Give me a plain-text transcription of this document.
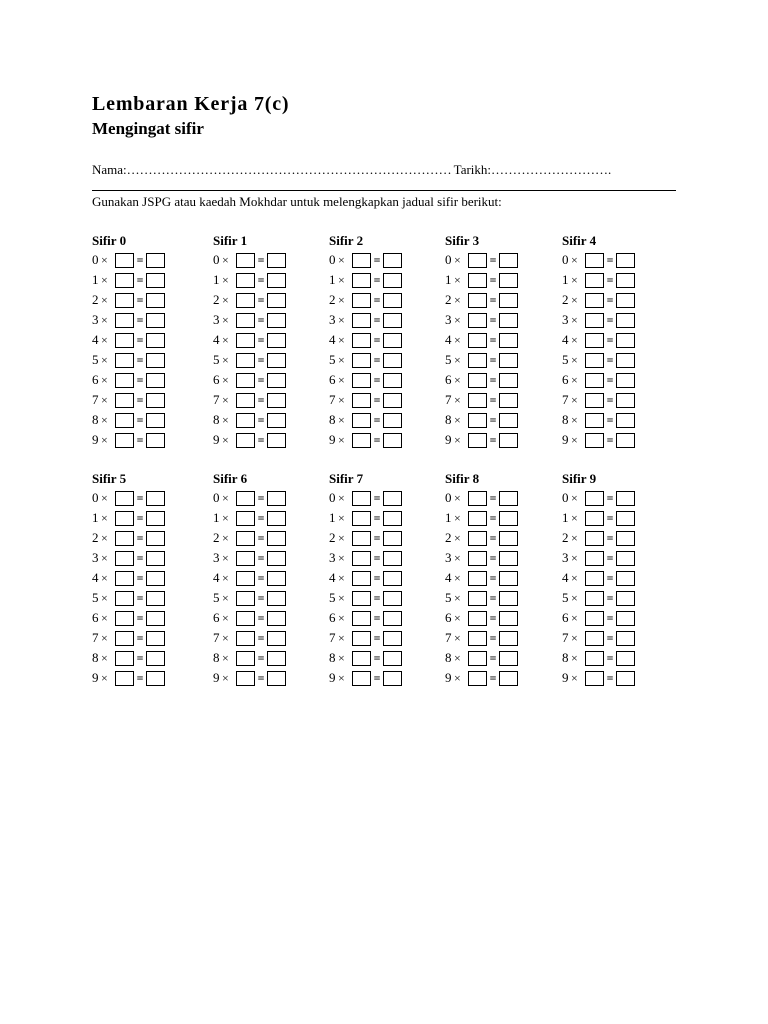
Lembaran Kerja 7(c)
Mengingat sifir
Nama:………………………………………………………………… Tarikh:……………………….
Gunakan JSPG atau kaedah Mokhdar untuk melengkapkan jadual sifir berikut:
Sifir 0
0 ×	=
1 ×	=
2 ×	=
3 ×	=
4 ×	=
5 ×	=
6 ×	=
7 ×	=
8 ×	=
9 ×	=
Sifir 1
0 ×	=
1 ×	=
2 ×	=
3 ×	=
4 ×	=
5 ×	=
6 ×	=
7 ×	=
8 ×	=
9 ×	=
Sifir 2
0 ×	=
1 ×	=
2 ×	=
3 ×	=
4 ×	=
5 ×	=
6 ×	=
7 ×	=
8 ×	=
9 ×	=
Sifir 3
0 ×	=
1 ×	=
2 ×	=
3 ×	=
4 ×	=
5 ×	=
6 ×	=
7 ×	=
8 ×	=
9 ×	=
Sifir 4
0 ×	=
1 ×	=
2 ×	=
3 ×	=
4 ×	=
5 ×	=
6 ×	=
7 ×	=
8 ×	=
9 ×	=
Sifir 5
0 ×	=
1 ×	=
2 ×	=
3 ×	=
4 ×	=
5 ×	=
6 ×	=
7 ×	=
8 ×	=
9 ×	=
Sifir 6
0 ×	=
1 ×	=
2 ×	=
3 ×	=
4 ×	=
5 ×	=
6 ×	=
7 ×	=
8 ×	=
9 ×	=
Sifir 7
0 ×	=
1 ×	=
2 ×	=
3 ×	=
4 ×	=
5 ×	=
6 ×	=
7 ×	=
8 ×	=
9 ×	=
Sifir 8
0 ×	=
1 ×	=
2 ×	=
3 ×	=
4 ×	=
5 ×	=
6 ×	=
7 ×	=
8 ×	=
9 ×	=
Sifir 9
0 ×	=
1 ×	=
2 ×	=
3 ×	=
4 ×	=
5 ×	=
6 ×	=
7 ×	=
8 ×	=
9 ×	=
